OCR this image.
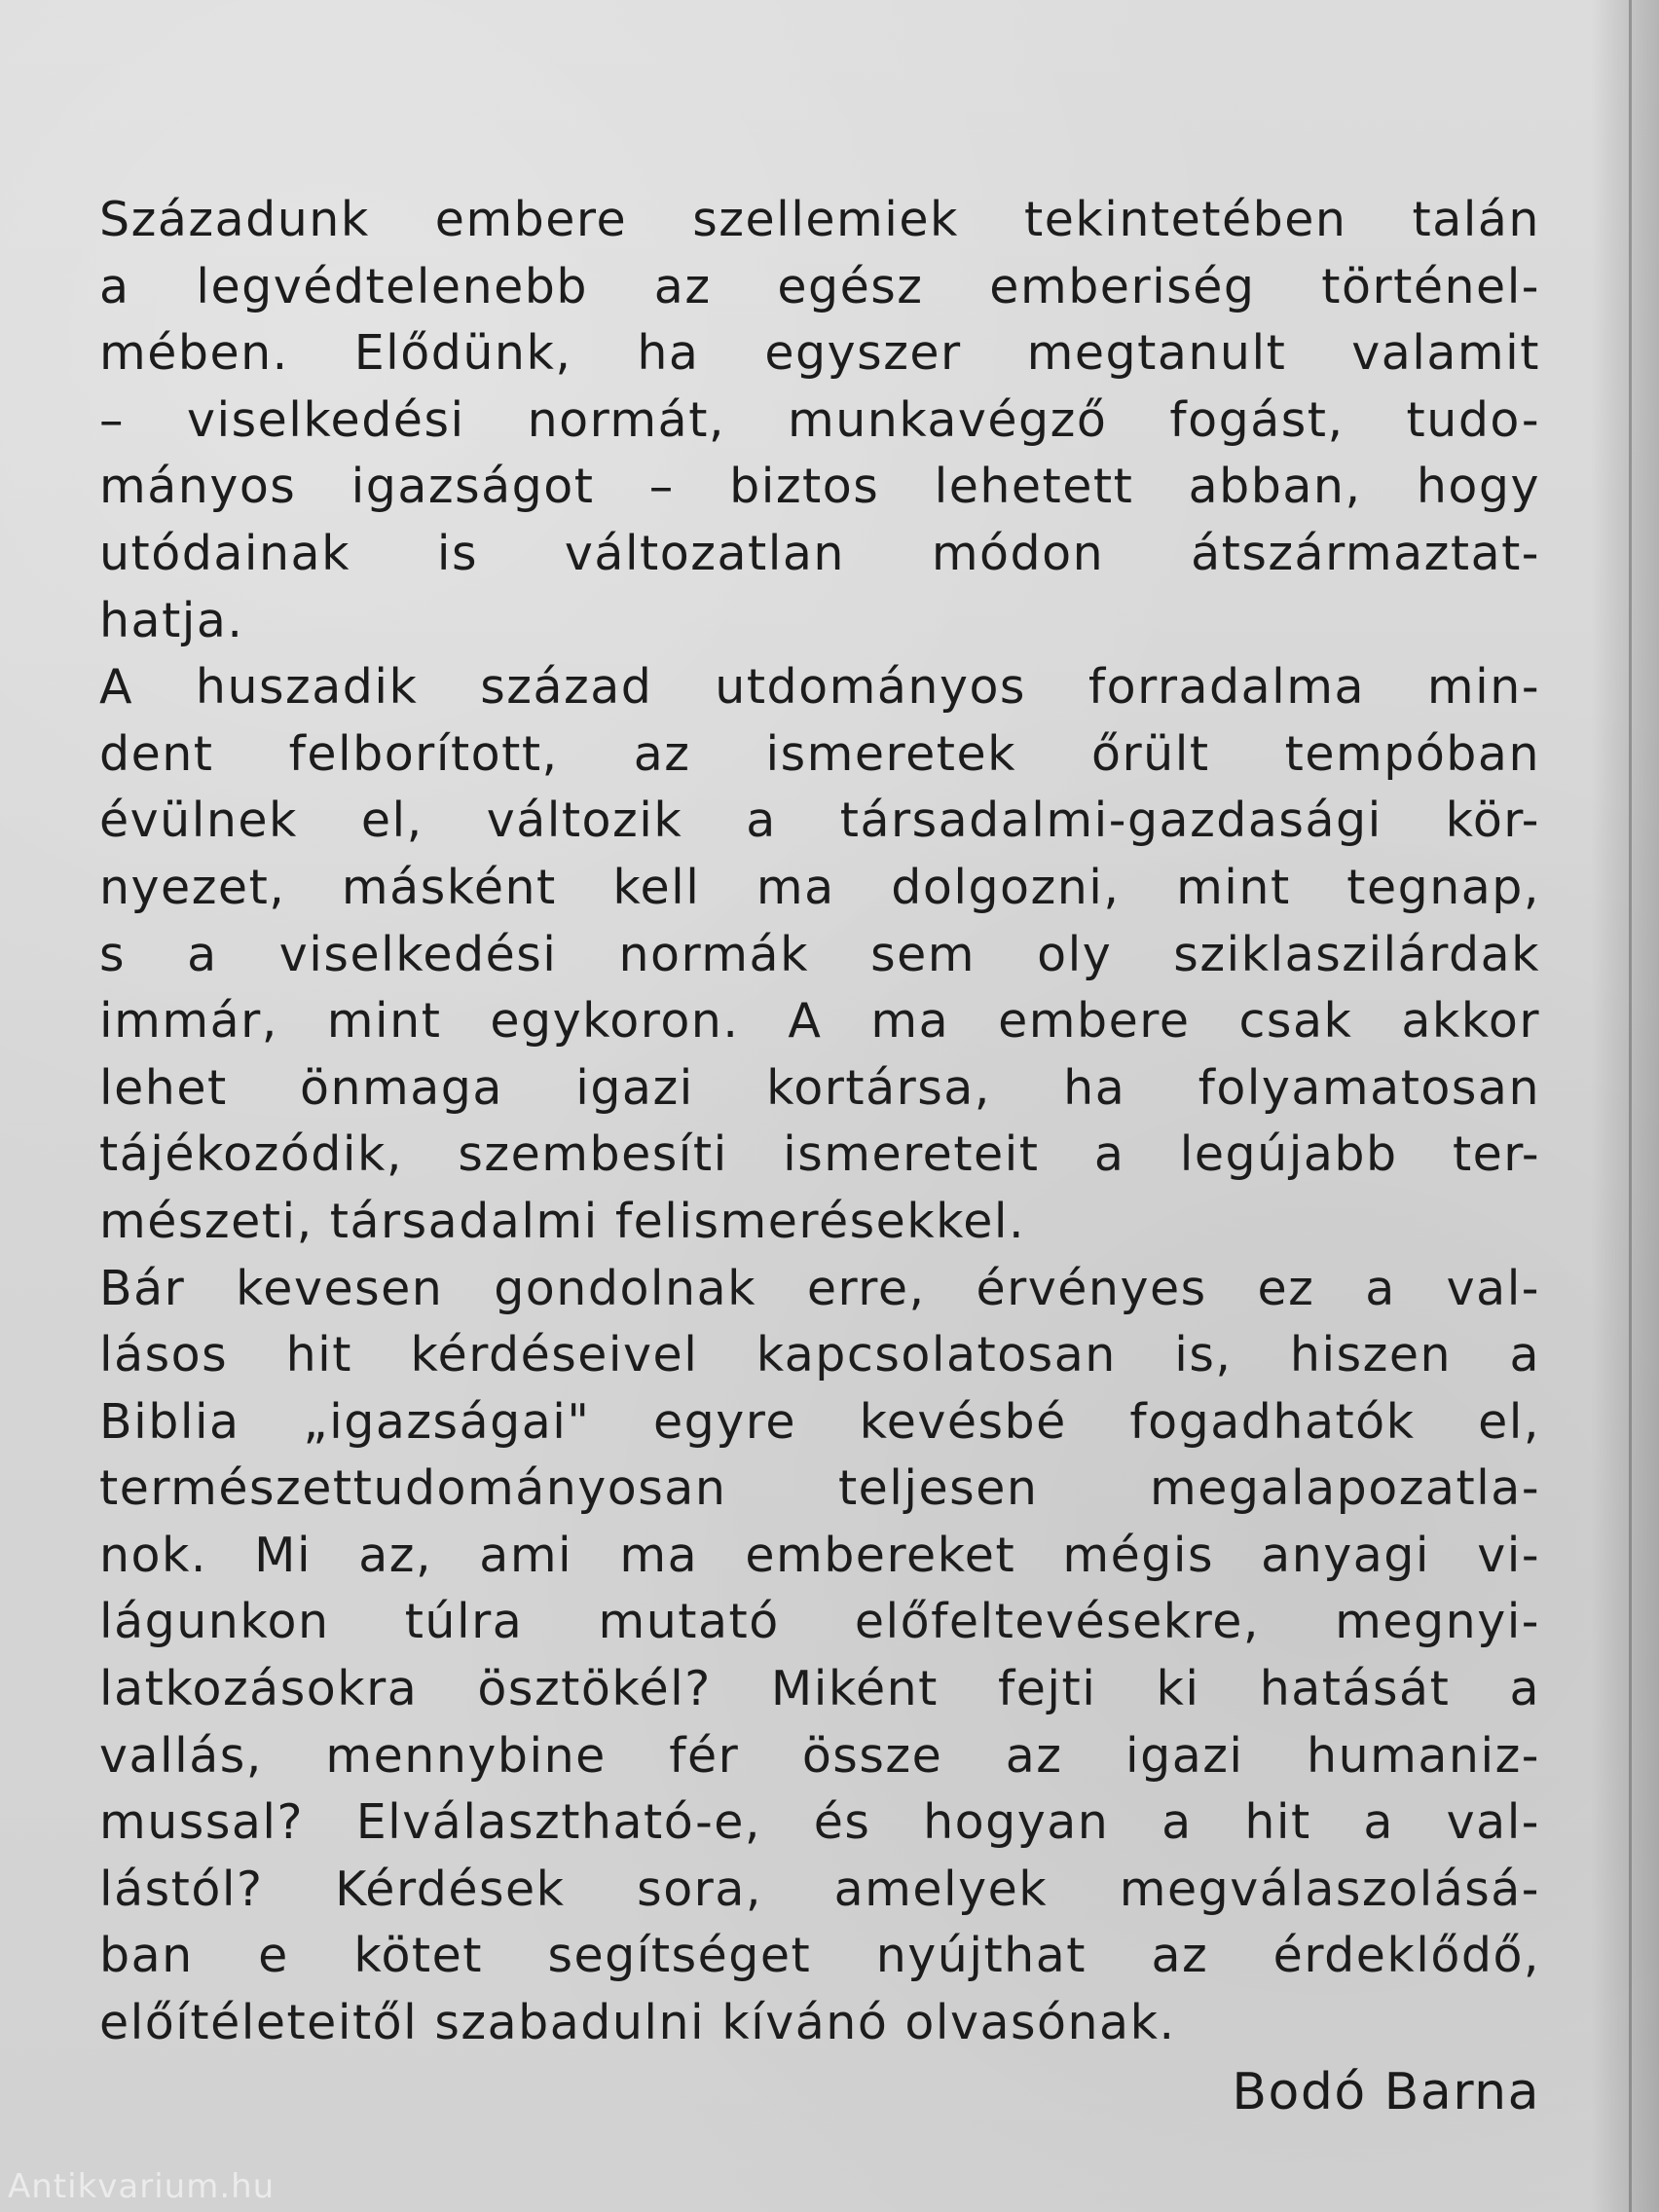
Századunk embere szellemiek tekintetében talán
a legvédtelenebb az egész emberiség történel-
mében. Elődünk, ha egyszer megtanult valamit
– viselkedési normát, munkavégző fogást, tudo-
mányos igazságot – biztos lehetett abban, hogy
utódainak is változatlan módon átszármaztat-
hatja.
A huszadik század utdományos forradalma min-
dent felborított, az ismeretek őrült tempóban
évülnek el, változik a társadalmi-gazdasági kör-
nyezet, másként kell ma dolgozni, mint tegnap,
s a viselkedési normák sem oly sziklaszilárdak
immár, mint egykoron. A ma embere csak akkor
lehet önmaga igazi kortársa, ha folyamatosan
tájékozódik, szembesíti ismereteit a legújabb ter-
mészeti, társadalmi felismerésekkel.
Bár kevesen gondolnak erre, érvényes ez a val-
lásos hit kérdéseivel kapcsolatosan is, hiszen a
Biblia „igazságai" egyre kevésbé fogadhatók el,
természettudományosan teljesen megalapozatla-
nok. Mi az, ami ma embereket mégis anyagi vi-
lágunkon túlra mutató előfeltevésekre, megnyi-
latkozásokra ösztökél? Miként fejti ki hatását a
vallás, mennybine fér össze az igazi humaniz-
mussal? Elválasztható-e, és hogyan a hit a val-
lástól? Kérdések sora, amelyek megválaszolásá-
ban e kötet segítséget nyújthat az érdeklődő,
előítéleteitől szabadulni kívánó olvasónak.
Bodó Barna
Antikvarium.hu
